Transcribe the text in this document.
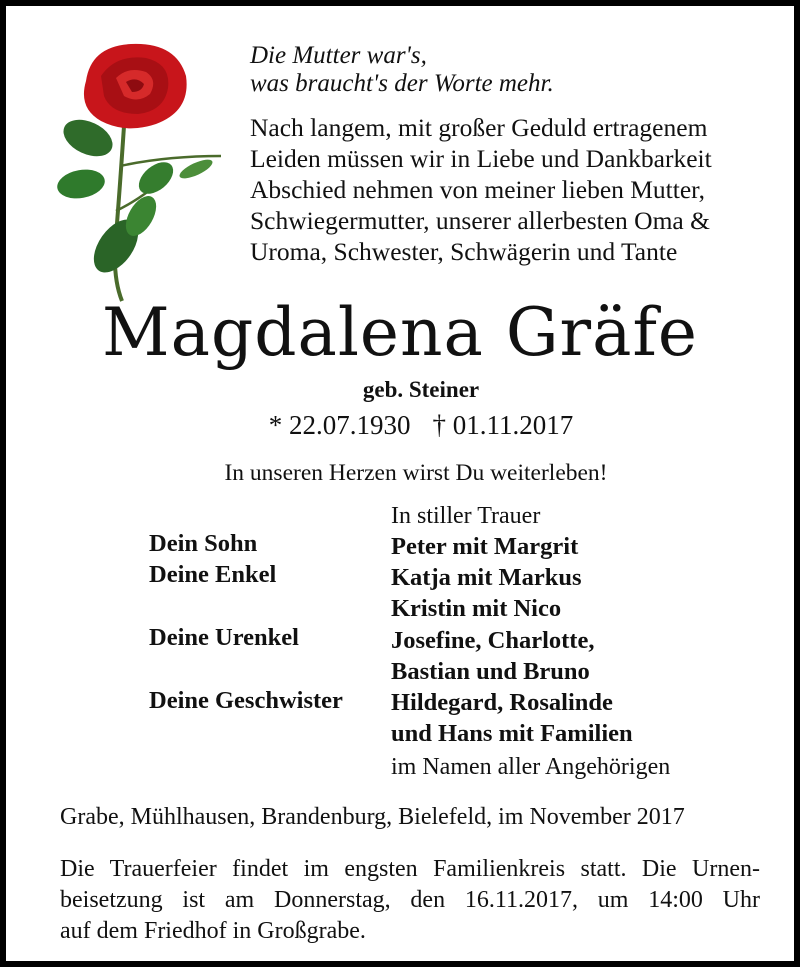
Die Mutter war's,
was braucht's der Worte mehr.
Nach langem, mit großer Geduld ertragenem
Leiden müssen wir in Liebe und Dankbarkeit
Abschied nehmen von meiner lieben Mutter,
Schwiegermutter, unserer allerbesten Oma &
Uroma, Schwester, Schwägerin und Tante
Magdalena Gräfe
geb. Steiner
* 22.07.1930 † 01.11.2017
In unseren Herzen wirst Du weiterleben!
In stiller Trauer
Dein Sohn	Peter mit Margrit
Deine Enkel	Katja mit Markus
Kristin mit Nico
Deine Urenkel	Josefine, Charlotte,
Bastian und Bruno
Deine Geschwister	Hildegard, Rosalinde
und Hans mit Familien
im Namen aller Angehörigen
Grabe, Mühlhausen, Brandenburg, Bielefeld, im November 2017
Die Trauerfeier findet im engsten Familienkreis statt. Die Urnen-
beisetzung ist am Donnerstag, den 16.11.2017, um 14:00 Uhr
auf dem Friedhof in Großgrabe.
